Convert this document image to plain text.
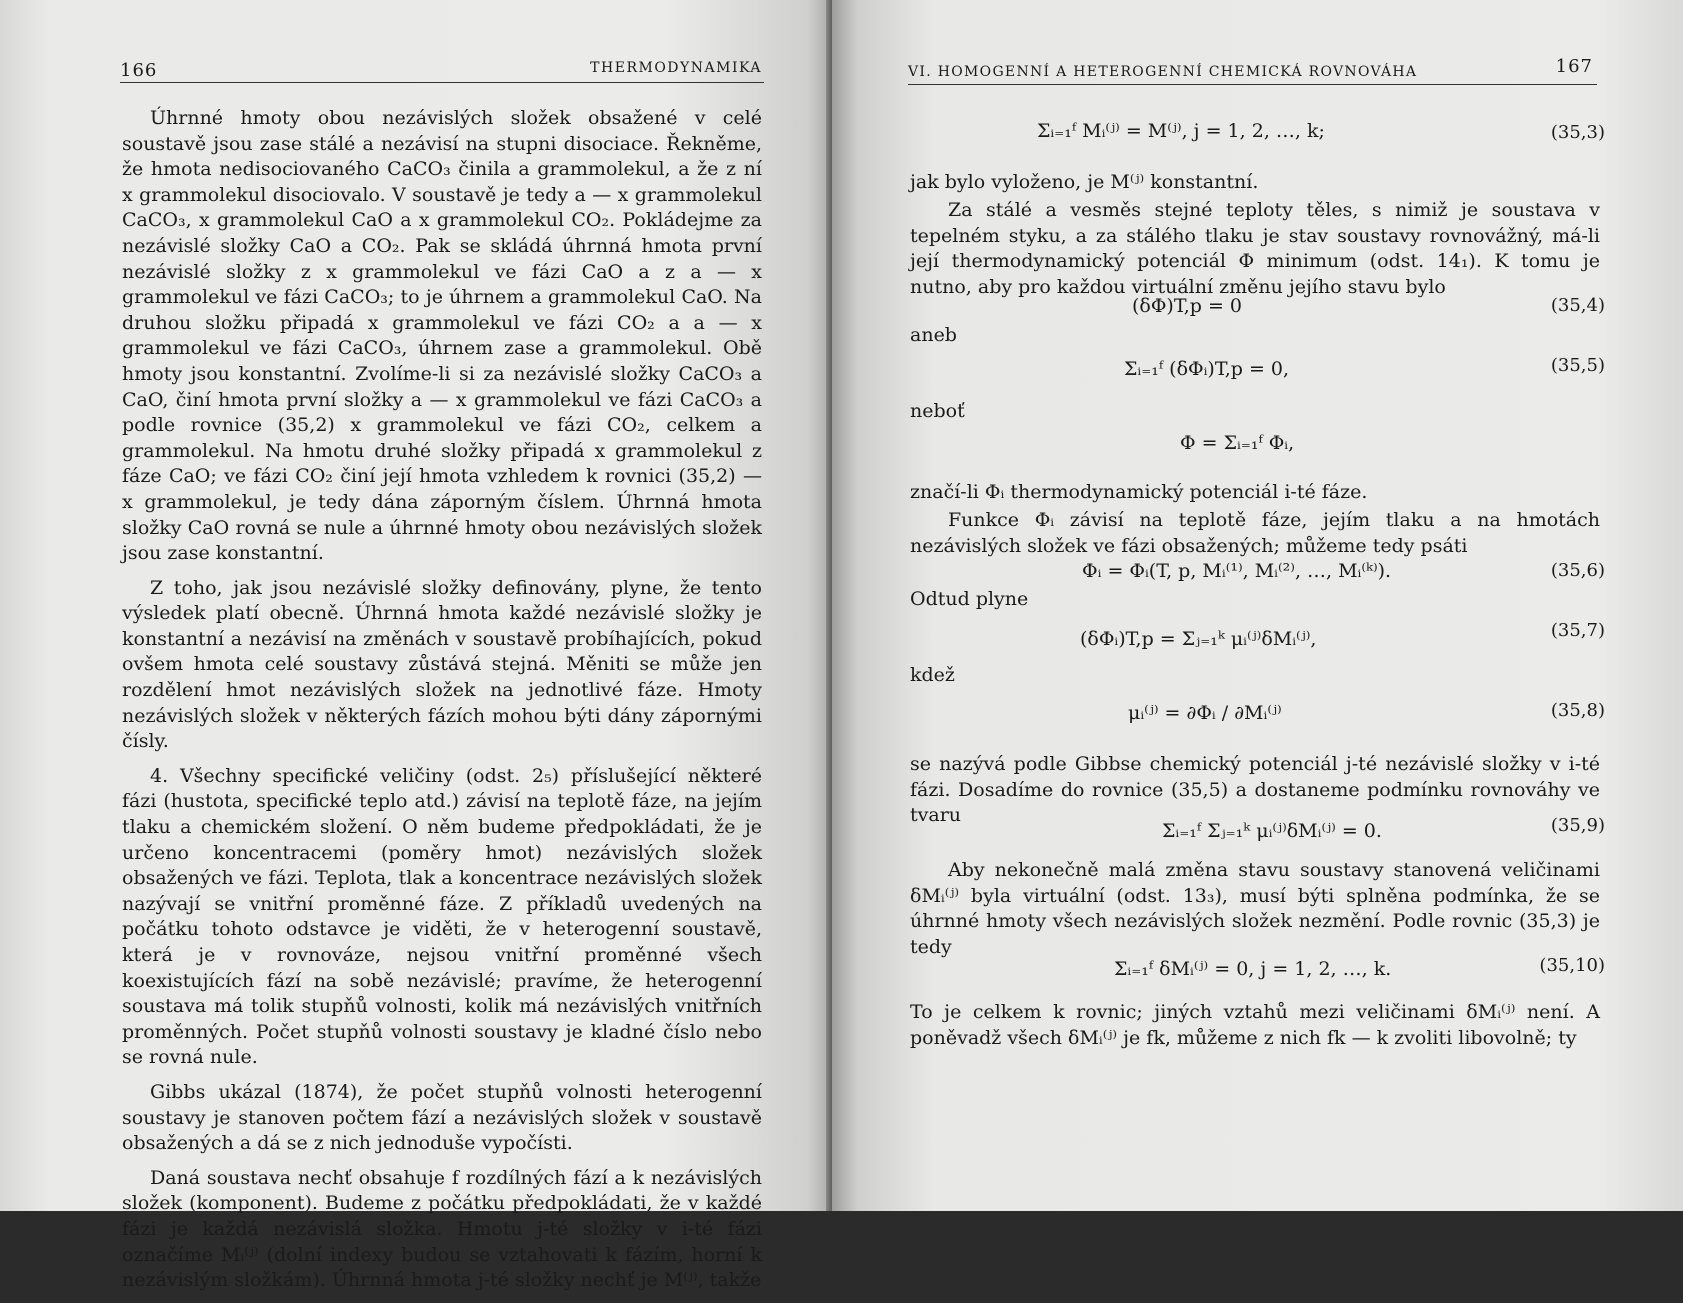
166	THERMODYNAMIKA

Úhrnné hmoty obou nezávislých složek obsažené v celé soustavě jsou zase stálé a nezávisí na stupni disociace. Řekněme, že hmota nedisociovaného CaCO₃ činila a grammolekul, a že z ní x grammolekul disociovalo. V soustavě je tedy a — x grammolekul CaCO₃, x grammolekul CaO a x grammolekul CO₂. Pokládejme za nezávislé složky CaO a CO₂. Pak se skládá úhrnná hmota první nezávislé složky z x grammolekul ve fázi CaO a z a — x grammolekul ve fázi CaCO₃; to je úhrnem a grammolekul CaO. Na druhou složku připadá x grammolekul ve fázi CO₂ a a — x grammolekul ve fázi CaCO₃, úhrnem zase a grammolekul. Obě hmoty jsou konstantní. Zvolíme-li si za nezávislé složky CaCO₃ a CaO, činí hmota první složky a — x grammolekul ve fázi CaCO₃ a podle rovnice (35,2) x grammolekul ve fázi CO₂, celkem a grammolekul. Na hmotu druhé složky připadá x grammolekul z fáze CaO; ve fázi CO₂ činí její hmota vzhledem k rovnici (35,2) — x grammolekul, je tedy dána záporným číslem. Úhrnná hmota složky CaO rovná se nule a úhrnné hmoty obou nezávislých složek jsou zase konstantní.

Z toho, jak jsou nezávislé složky definovány, plyne, že tento výsledek platí obecně. Úhrnná hmota každé nezávislé složky je konstantní a nezávisí na změnách v soustavě probíhajících, pokud ovšem hmota celé soustavy zůstává stejná. Měniti se může jen rozdělení hmot nezávislých složek na jednotlivé fáze. Hmoty nezávislých složek v některých fázích mohou býti dány zápornými čísly.

4. Všechny specifické veličiny (odst. 2₅) příslušející některé fázi (hustota, specifické teplo atd.) závisí na teplotě fáze, na jejím tlaku a chemickém složení. O něm budeme předpokládati, že je určeno koncentracemi (poměry hmot) nezávislých složek obsažených ve fázi. Teplota, tlak a koncentrace nezávislých složek nazývají se vnitřní proměnné fáze. Z příkladů uvedených na počátku tohoto odstavce je viděti, že v heterogenní soustavě, která je v rovnováze, nejsou vnitřní proměnné všech koexistujících fází na sobě nezávislé; pravíme, že heterogenní soustava má tolik stupňů volnosti, kolik má nezávislých vnitřních proměnných. Počet stupňů volnosti soustavy je kladné číslo nebo se rovná nule.

Gibbs ukázal (1874), že počet stupňů volnosti heterogenní soustavy je stanoven počtem fází a nezávislých složek v soustavě obsažených a dá se z nich jednoduše vypočísti.

Daná soustava nechť obsahuje f rozdílných fází a k nezávislých složek (komponent). Budeme z počátku předpokládati, že v každé fázi je každá nezávislá složka. Hmotu j-té složky v i-té fázi označíme Mᵢ⁽ʲ⁾ (dolní indexy budou se vztahovati k fázím, horní k nezávislým složkám). Úhrnná hmota j-té složky nechť je M⁽ʲ⁾, takže

VI. HOMOGENNÍ A HETEROGENNÍ CHEMICKÁ ROVNOVÁHA	167
Σᵢ₌₁ᶠ Mᵢ⁽ʲ⁾ = M⁽ʲ⁾, j = 1, 2, …, k;	(35,3)
jak bylo vyloženo, je M⁽ʲ⁾ konstantní.
Za stálé a vesměs stejné teploty těles, s nimiž je soustava v tepelném styku, a za stálého tlaku je stav soustavy rovnovážný, má-li její thermodynamický potenciál Φ minimum (odst. 14₁). K tomu je nutno, aby pro každou virtuální změnu jejího stavu bylo
(δΦ)T,p = 0	(35,4)
aneb
Σᵢ₌₁ᶠ (δΦᵢ)T,p = 0,	(35,5)
neboť
Φ = Σᵢ₌₁ᶠ Φᵢ,
značí-li Φᵢ thermodynamický potenciál i-té fáze.
Funkce Φᵢ závisí na teplotě fáze, jejím tlaku a na hmotách nezávislých složek ve fázi obsažených; můžeme tedy psáti
Φᵢ = Φᵢ(T, p, Mᵢ⁽¹⁾, Mᵢ⁽²⁾, …, Mᵢ⁽ᵏ⁾).	(35,6)
Odtud plyne
(δΦᵢ)T,p = Σⱼ₌₁ᵏ μᵢ⁽ʲ⁾δMᵢ⁽ʲ⁾,	(35,7)
kdež
μᵢ⁽ʲ⁾ = ∂Φᵢ / ∂Mᵢ⁽ʲ⁾	(35,8)
se nazývá podle Gibbse chemický potenciál j-té nezávislé složky v i-té fázi. Dosadíme do rovnice (35,5) a dostaneme podmínku rovnováhy ve tvaru
Σᵢ₌₁ᶠ Σⱼ₌₁ᵏ μᵢ⁽ʲ⁾δMᵢ⁽ʲ⁾ = 0.	(35,9)
Aby nekonečně malá změna stavu soustavy stanovená veličinami δMᵢ⁽ʲ⁾ byla virtuální (odst. 13₃), musí býti splněna podmínka, že se úhrnné hmoty všech nezávislých složek nezmění. Podle rovnic (35,3) je tedy
Σᵢ₌₁ᶠ δMᵢ⁽ʲ⁾ = 0, j = 1, 2, …, k.	(35,10)
To je celkem k rovnic; jiných vztahů mezi veličinami δMᵢ⁽ʲ⁾ není. A poněvadž všech δMᵢ⁽ʲ⁾ je fk, můžeme z nich fk — k zvoliti libovolně; ty
